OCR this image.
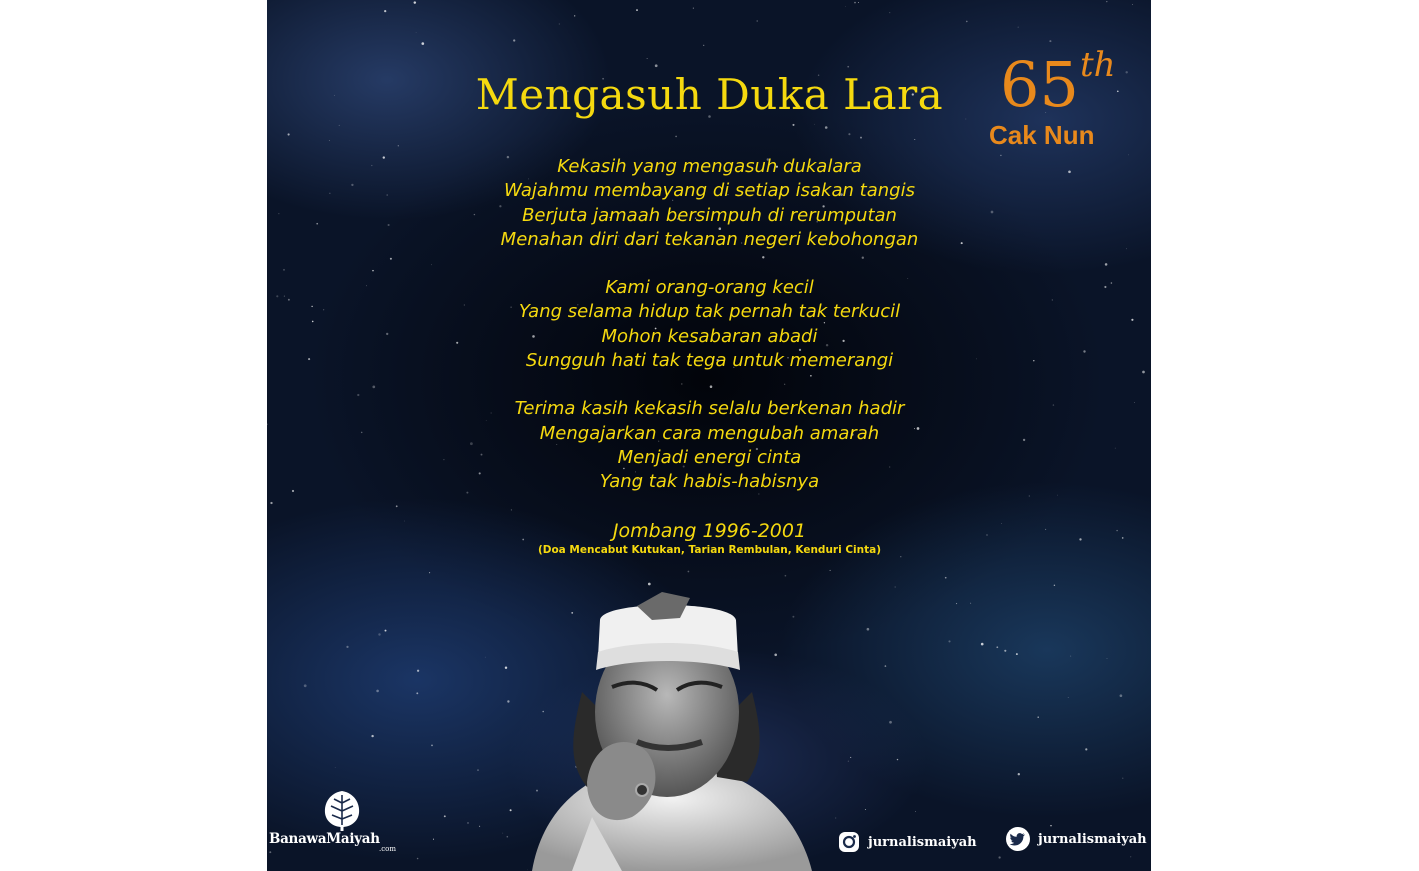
Mengasuh Duka Lara 65 th
Cak Nun
Kekasih yang mengasuh dukalara
Wajahmu membayang di setiap isakan tangis
Berjuta jamaah bersimpuh di rerumputan
Menahan diri dari tekanan negeri kebohongan
Kami orang-orang kecil
Yang selama hidup tak pernah tak terkucil
Mohon kesabaran abadi
Sungguh hati tak tega untuk memerangi
Terima kasih kekasih selalu berkenan hadir
Mengajarkan cara mengubah amarah
Menjadi energi cinta
Yang tak habis-habisnya
Jombang 1996-2001
(Doa Mencabut Kutukan, Tarian Rembulan, Kenduri Cinta)
BanawaMaiyah
.com	jurnalismaiyah	jurnalismaiyah
